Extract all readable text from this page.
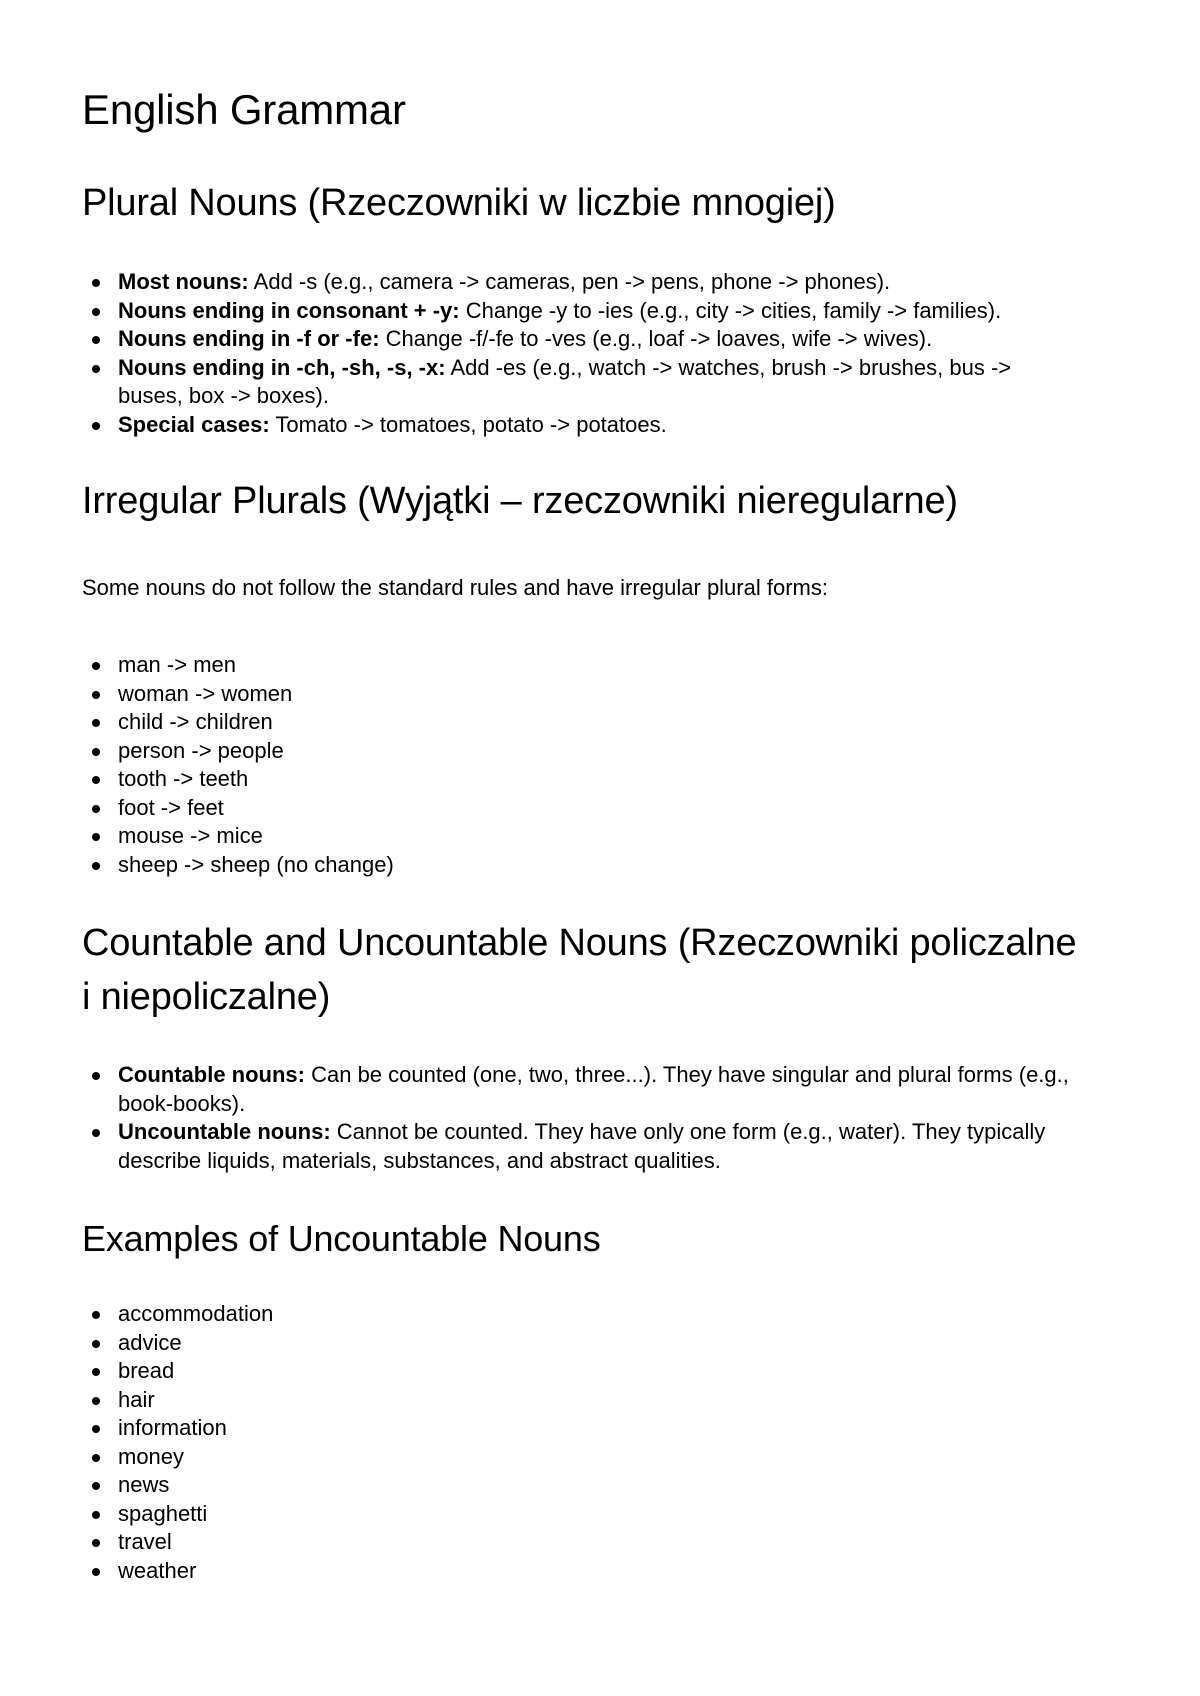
English Grammar
Plural Nouns (Rzeczowniki w liczbie mnogiej)
Most nouns: Add -s (e.g., camera -> cameras, pen -> pens, phone -> phones).
Nouns ending in consonant + -y: Change -y to -ies (e.g., city -> cities, family -> families).
Nouns ending in -f or -fe: Change -f/-fe to -ves (e.g., loaf -> loaves, wife -> wives).
Nouns ending in -ch, -sh, -s, -x: Add -es (e.g., watch -> watches, brush -> brushes, bus -> buses, box -> boxes).
Special cases: Tomato -> tomatoes, potato -> potatoes.
Irregular Plurals (Wyjątki – rzeczowniki nieregularne)

Some nouns do not follow the standard rules and have irregular plural forms:

man -> men
woman -> women
child -> children
person -> people
tooth -> teeth
foot -> feet
mouse -> mice
sheep -> sheep (no change)
Countable and Uncountable Nouns (Rzeczowniki policzalne i niepoliczalne)
Countable nouns: Can be counted (one, two, three...). They have singular and plural forms (e.g., book-books).
Uncountable nouns: Cannot be counted. They have only one form (e.g., water). They typically describe liquids, materials, substances, and abstract qualities.
Examples of Uncountable Nouns
accommodation
advice
bread
hair
information
money
news
spaghetti
travel
weather
